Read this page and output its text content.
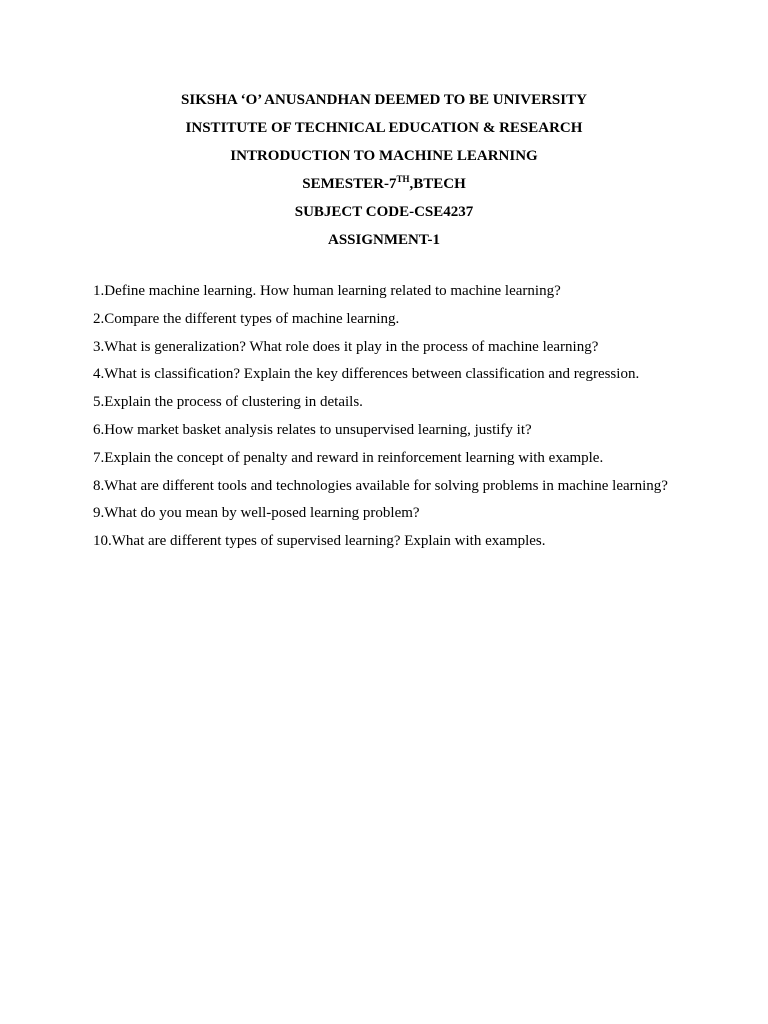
SIKSHA ‘O’ ANUSANDHAN DEEMED TO BE UNIVERSITY
INSTITUTE OF TECHNICAL EDUCATION & RESEARCH
INTRODUCTION TO MACHINE LEARNING
SEMESTER-7TH,BTECH
SUBJECT CODE-CSE4237
ASSIGNMENT-1
1.Define machine learning. How human learning related to machine learning?
2.Compare the different types of machine learning.
3.What is generalization? What role does it play in the process of machine learning?
4.What is classification? Explain the key differences between classification and regression.
5.Explain the process of clustering in details.
6.How market basket analysis relates to unsupervised learning, justify it?
7.Explain the concept of penalty and reward in reinforcement learning with example.
8.What are different tools and technologies available for solving problems in machine learning?
9.What do you mean by well-posed learning problem?
10.What are different types of supervised learning? Explain with examples.
